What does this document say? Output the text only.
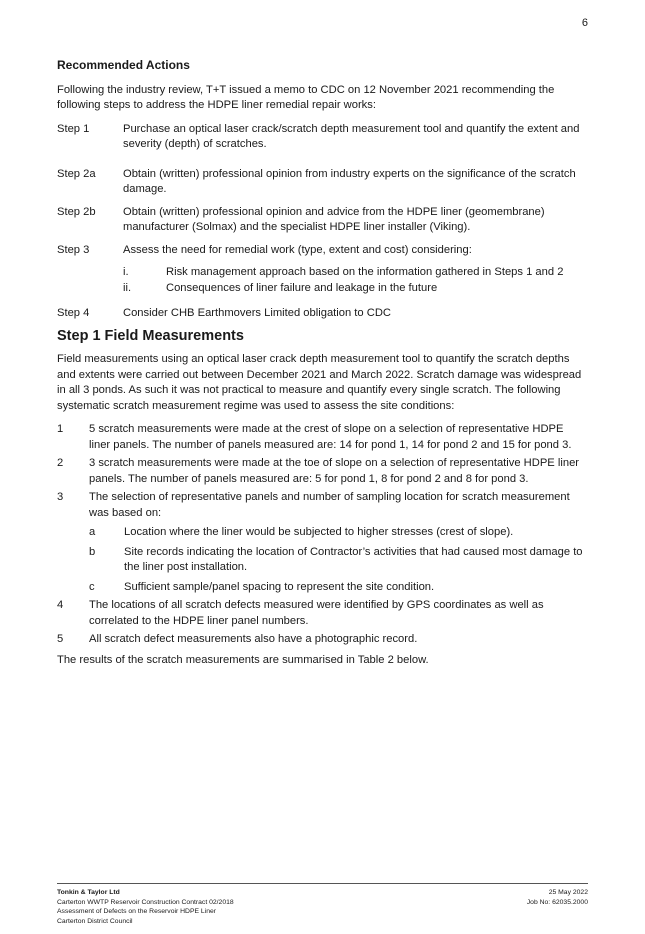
6
Recommended Actions

Following the industry review, T+T issued a memo to CDC on 12 November 2021 recommending the following steps to address the HDPE liner remedial repair works:

Step 1	Purchase an optical laser crack/scratch depth measurement tool and quantify the extent and severity (depth) of scratches.
Step 2a Obtain (written) professional opinion from industry experts on the significance of the scratch damage.
Step 2b Obtain (written) professional opinion and advice from the HDPE liner (geomembrane) manufacturer (Solmax) and the specialist HDPE liner installer (Viking).
Step 3	Assess the need for remedial work (type, extent and cost) considering:
i.	Risk management approach based on the information gathered in Steps 1 and 2
ii.	Consequences of liner failure and leakage in the future
Step 4	Consider CHB Earthmovers Limited obligation to CDC
Step 1 Field Measurements

Field measurements using an optical laser crack depth measurement tool to quantify the scratch depths and extents were carried out between December 2021 and March 2022. Scratch damage was widespread in all 3 ponds. As such it was not practical to measure and quantify every single scratch. The following systematic scratch measurement regime was used to assess the site conditions:

1 5 scratch measurements were made at the crest of slope on a selection of representative HDPE liner panels. The number of panels measured are: 14 for pond 1, 14 for pond 2 and 15 for pond 3.
2 3 scratch measurements were made at the toe of slope on a selection of representative HDPE liner panels. The number of panels measured are: 5 for pond 1, 8 for pond 2 and 8 for pond 3.
3 The selection of representative panels and number of sampling location for scratch measurement was based on:
a	Location where the liner would be subjected to higher stresses (crest of slope).
b	Site records indicating the location of Contractor’s activities that had caused most damage to the liner post installation.
c	Sufficient sample/panel spacing to represent the site condition.
4 The locations of all scratch defects measured were identified by GPS coordinates as well as correlated to the HDPE liner panel numbers.
5 All scratch defect measurements also have a photographic record.

The results of the scratch measurements are summarised in Table 2 below.

Tonkin & Taylor Ltd
Carterton WWTP Reservoir Construction Contract 02/2018
Assessment of Defects on the Reservoir HDPE Liner
Carterton District Council
25 May 2022
Job No: 62035.2000
